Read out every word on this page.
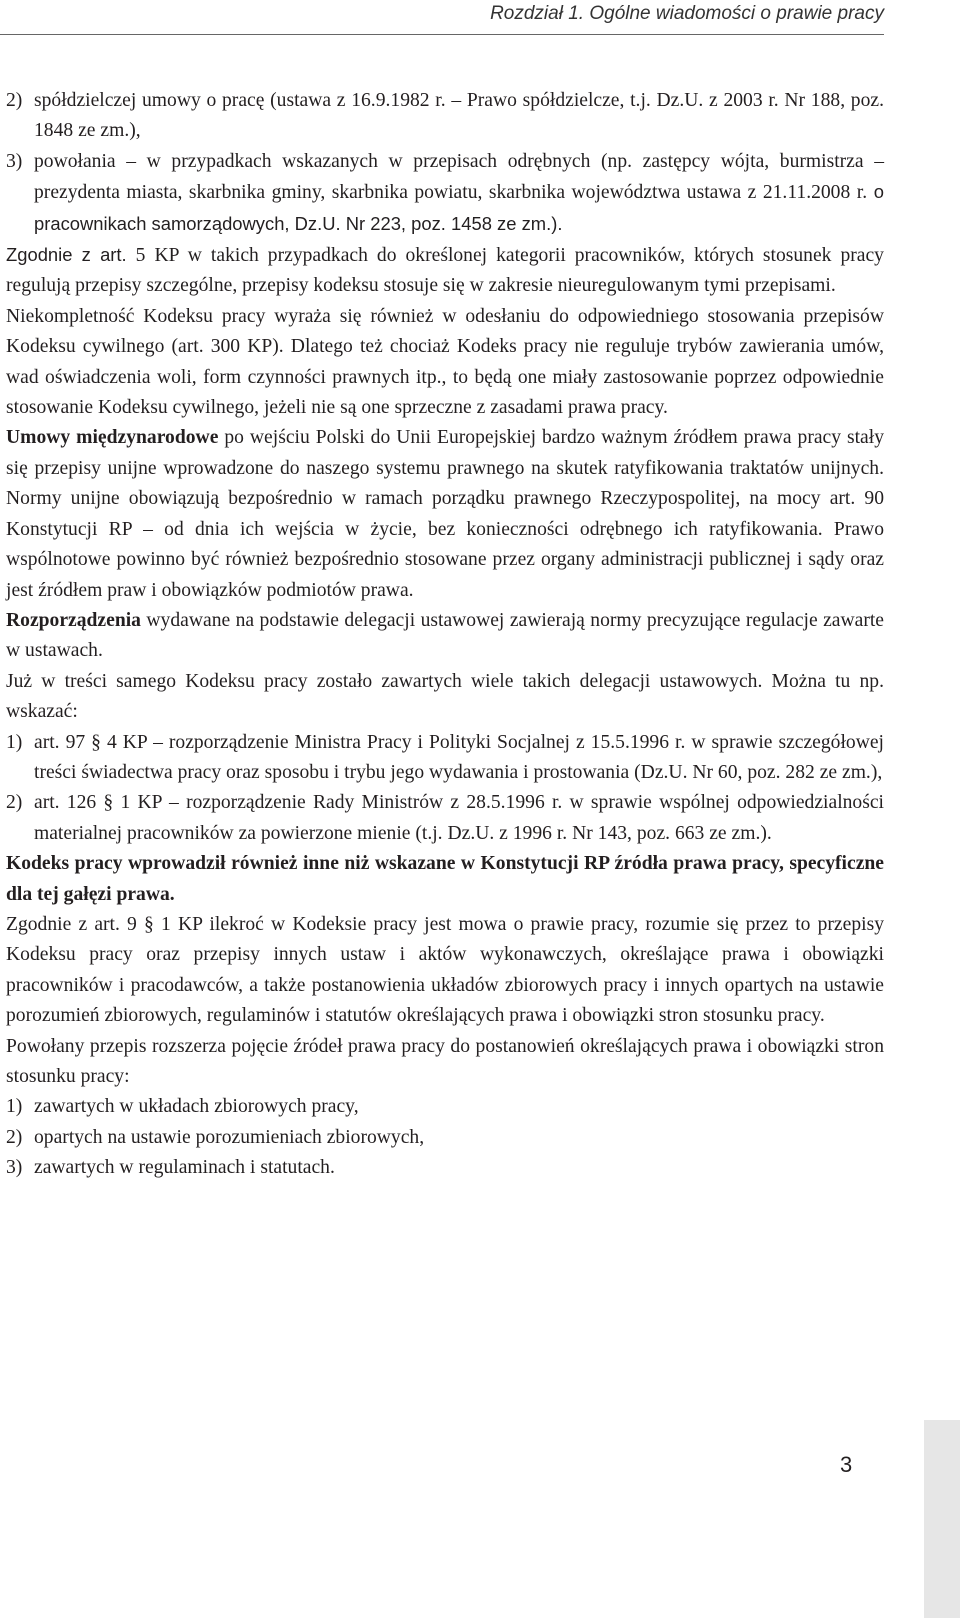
Rozdział 1. Ogólne wiadomości o prawie pracy
2) spółdzielczej umowy o pracę (ustawa z 16.9.1982 r. – Prawo spółdzielcze, t.j. Dz.U. z 2003 r. Nr 188, poz. 1848 ze zm.),
3) powołania – w przypadkach wskazanych w przepisach odrębnych (np. zastępcy wójta, burmistrza – prezydenta miasta, skarbnika gminy, skarbnika powiatu, skarbnika województwa ustawa z 21.11.2008 r. o pracownikach samorządowych, Dz.U. Nr 223, poz. 1458 ze zm.).

Zgodnie z art. 5 KP w takich przypadkach do określonej kategorii pracowników, których stosunek pracy regulują przepisy szczególne, przepisy kodeksu stosuje się w zakresie nieuregulowanym tymi przepisami.

Niekompletność Kodeksu pracy wyraża się również w odesłaniu do odpowiedniego stosowania przepisów Kodeksu cywilnego (art. 300 KP). Dlatego też chociaż Kodeks pracy nie reguluje trybów zawierania umów, wad oświadczenia woli, form czynności prawnych itp., to będą one miały zastosowanie poprzez odpowiednie stosowanie Kodeksu cywilnego, jeżeli nie są one sprzeczne z zasadami prawa pracy.

Umowy międzynarodowe po wejściu Polski do Unii Europejskiej bardzo ważnym źródłem prawa pracy stały się przepisy unijne wprowadzone do naszego systemu prawnego na skutek ratyfikowania traktatów unijnych. Normy unijne obowiązują bezpośrednio w ramach porządku prawnego Rzeczypospolitej, na mocy art. 90 Konstytucji RP – od dnia ich wejścia w życie, bez konieczności odrębnego ich ratyfikowania. Prawo wspólnotowe powinno być również bezpośrednio stosowane przez organy administracji publicznej i sądy oraz jest źródłem praw i obowiązków podmiotów prawa.

Rozporządzenia wydawane na podstawie delegacji ustawowej zawierają normy precyzujące regulacje zawarte w ustawach.

Już w treści samego Kodeksu pracy zostało zawartych wiele takich delegacji ustawowych. Można tu np. wskazać:

1) art. 97 § 4 KP – rozporządzenie Ministra Pracy i Polityki Socjalnej z 15.5.1996 r. w sprawie szczegółowej treści świadectwa pracy oraz sposobu i trybu jego wydawania i prostowania (Dz.U. Nr 60, poz. 282 ze zm.),
2) art. 126 § 1 KP – rozporządzenie Rady Ministrów z 28.5.1996 r. w sprawie wspólnej odpowiedzialności materialnej pracowników za powierzone mienie (t.j. Dz.U. z 1996 r. Nr 143, poz. 663 ze zm.).

Kodeks pracy wprowadził również inne niż wskazane w Konstytucji RP źródła prawa pracy, specyficzne dla tej gałęzi prawa.

Zgodnie z art. 9 § 1 KP ilekroć w Kodeksie pracy jest mowa o prawie pracy, rozumie się przez to przepisy Kodeksu pracy oraz przepisy innych ustaw i aktów wykonawczych, określające prawa i obowiązki pracowników i pracodawców, a także postanowienia układów zbiorowych pracy i innych opartych na ustawie porozumień zbiorowych, regulaminów i statutów określających prawa i obowiązki stron stosunku pracy.

Powołany przepis rozszerza pojęcie źródeł prawa pracy do postanowień określających prawa i obowiązki stron stosunku pracy:

1) zawartych w układach zbiorowych pracy,
2) opartych na ustawie porozumieniach zbiorowych,
3) zawartych w regulaminach i statutach.
3
